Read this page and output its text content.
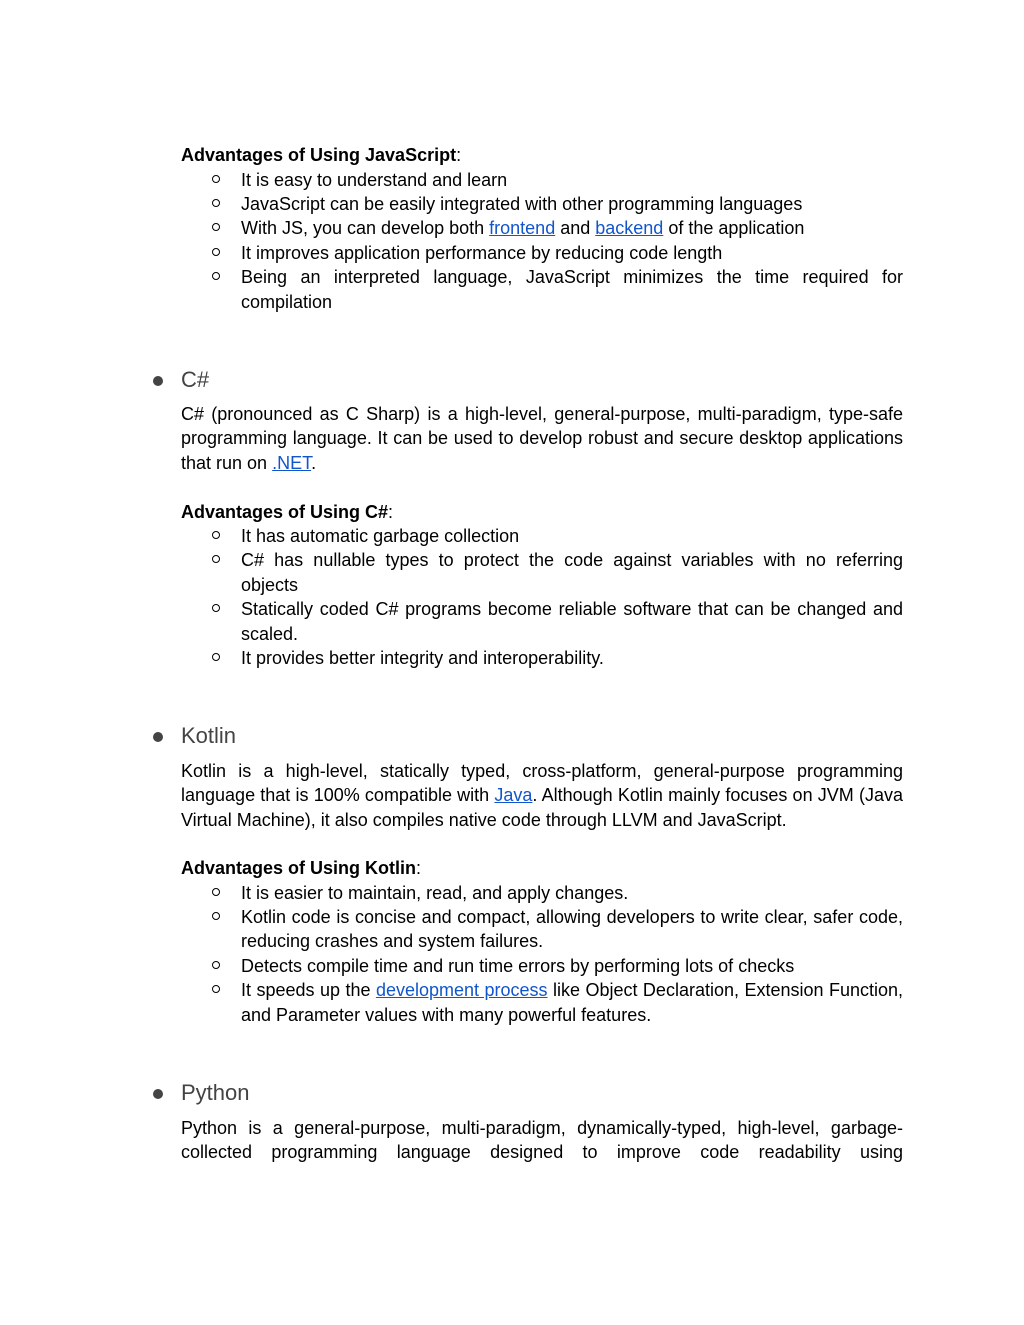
Advantages of Using JavaScript:
It is easy to understand and learn
JavaScript can be easily integrated with other programming languages
With JS, you can develop both frontend and backend of the application
It improves application performance by reducing code length
Being an interpreted language, JavaScript minimizes the time required for compilation
C#

C# (pronounced as C Sharp) is a high-level, general-purpose, multi-paradigm, type-safe programming language. It can be used to develop robust and secure desktop applications that run on .NET.

Advantages of Using C#:
It has automatic garbage collection
C# has nullable types to protect the code against variables with no referring objects
Statically coded C# programs become reliable software that can be changed and scaled.
It provides better integrity and interoperability.
Kotlin

Kotlin is a high-level, statically typed, cross-platform, general-purpose programming language that is 100% compatible with Java. Although Kotlin mainly focuses on JVM (Java Virtual Machine), it also compiles native code through LLVM and JavaScript.

Advantages of Using Kotlin:
It is easier to maintain, read, and apply changes.
Kotlin code is concise and compact, allowing developers to write clear, safer code, reducing crashes and system failures.
Detects compile time and run time errors by performing lots of checks
It speeds up the development process like Object Declaration, Extension Function, and Parameter values with many powerful features.
Python

Python is a general-purpose, multi-paradigm, dynamically-typed, high-level, garbage-collected programming language designed to improve code readability using
